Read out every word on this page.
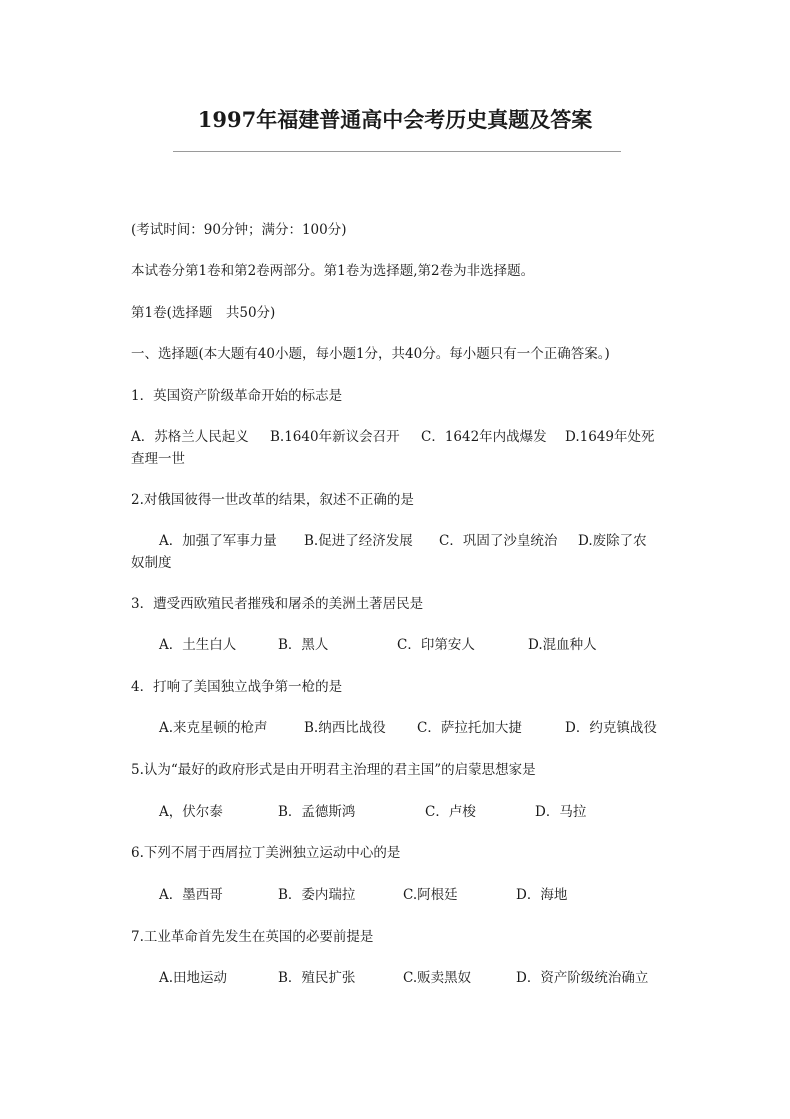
1997年福建普通高中会考历史真题及答案
(考试时间：90分钟；满分：100分)
本试卷分第1卷和第2卷两部分。第1卷为选择题,第2卷为非选择题。
第1卷(选择题　共50分)
一、选择题(本大题有40小题，每小题1分，共40分。每小题只有一个正确答案。)
1．英国资产阶级革命开始的标志是
A．苏格兰人民起义 B.1640年新议会召开 C．1642年内战爆发 D.1649年处死
查理一世
2.对俄国彼得一世改革的结果，叙述不正确的是
A．加强了军事力量 B.促进了经济发展 C．巩固了沙皇统治 D.废除了农
奴制度
3．遭受西欧殖民者摧残和屠杀的美洲土著居民是
A．土生白人	B．黑人	C．印第安人	D.混血种人
4．打响了美国独立战争第一枪的是
A.来克星顿的枪声	B.纳西比战役 C．萨拉托加大捷	D．约克镇战役
5.认为“最好的政府形式是由开明君主治理的君主国”的启蒙思想家是
A，伏尔泰	B．孟德斯鸿	C．卢梭	D．马拉
6.下列不屑于西屑拉丁美洲独立运动中心的是
A．墨西哥	B．委内瑞拉	C.阿根廷	D．海地
7.工业革命首先发生在英国的必要前提是
A.田地运动	B．殖民扩张	C.贩卖黑奴	D．资产阶级统治确立
